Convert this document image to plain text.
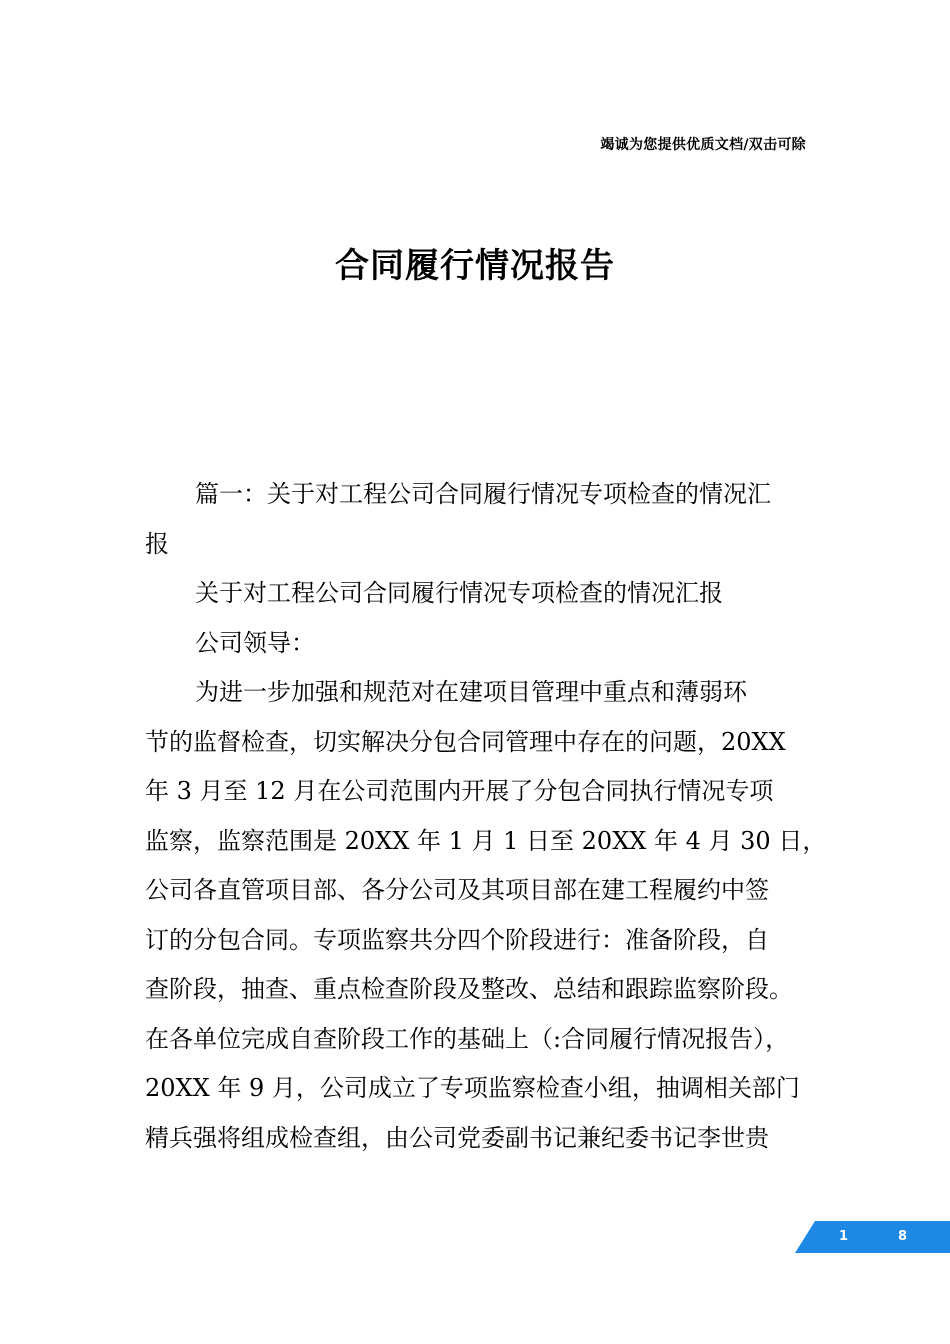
竭诚为您提供优质文档/双击可除
合同履行情况报告
篇一：关于对工程公司合同履行情况专项检查的情况汇
报
关于对工程公司合同履行情况专项检查的情况汇报
公司领导：
为进一步加强和规范对在建项目管理中重点和薄弱环
节的监督检查，切实解决分包合同管理中存在的问题，20XX
年 3 月至 12 月在公司范围内开展了分包合同执行情况专项
监察，监察范围是 20XX 年 1 月 1 日至 20XX 年 4 月 30 日，
公司各直管项目部、各分公司及其项目部在建工程履约中签
订的分包合同。专项监察共分四个阶段进行：准备阶段，自
查阶段，抽查、重点检查阶段及整改、总结和跟踪监察阶段。
在各单位完成自查阶段工作的基础上（:合同履行情况报告），
20XX 年 9 月，公司成立了专项监察检查小组，抽调相关部门
精兵强将组成检查组，由公司党委副书记兼纪委书记李世贵
1	8
